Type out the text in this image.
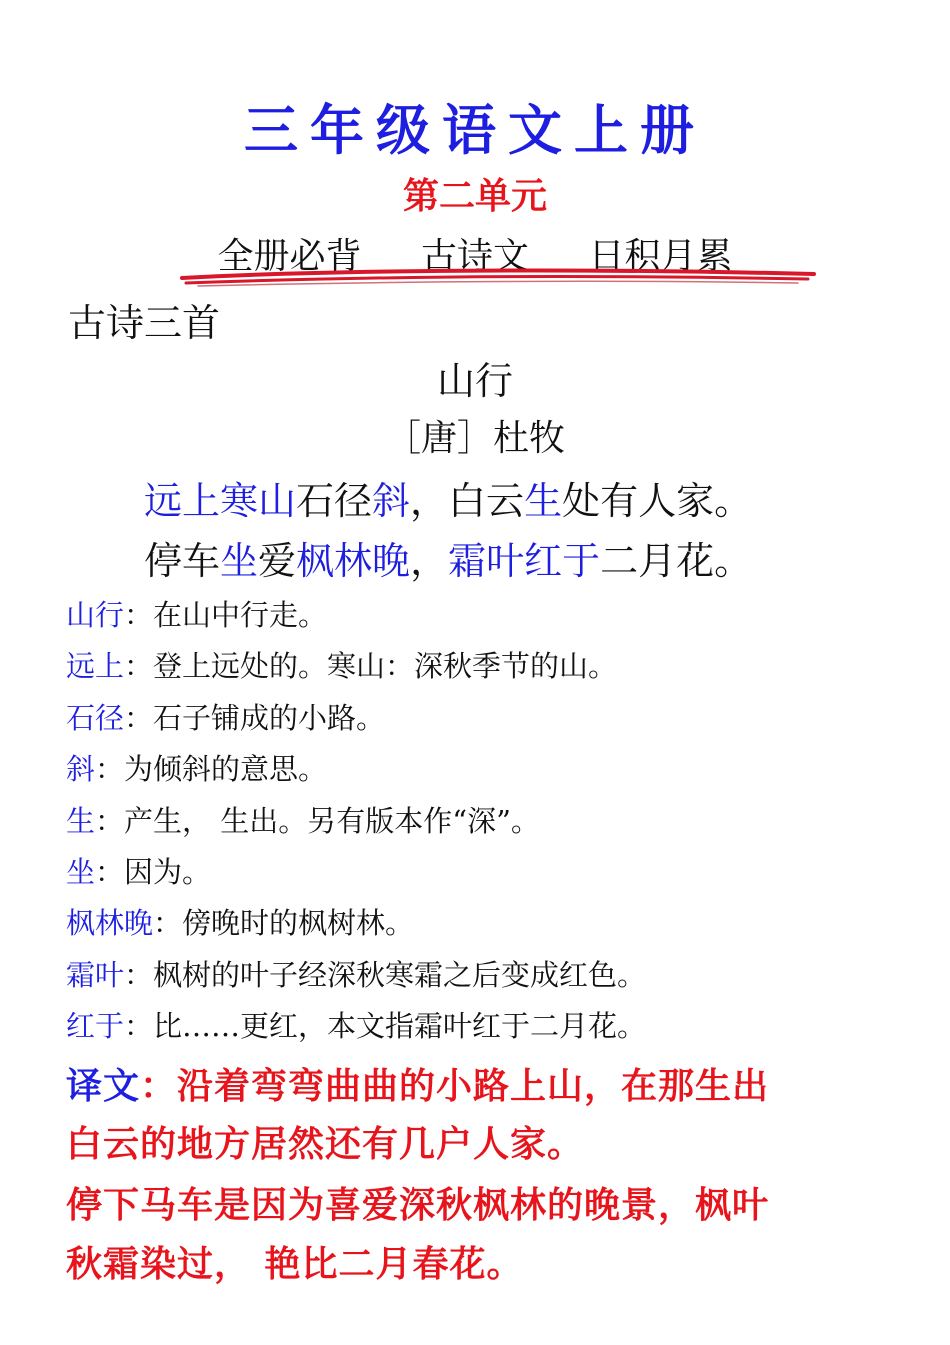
三年级语文上册
第二单元
全册必背 古诗文 日积月累
古诗三首
山行
［唐］杜牧
远上寒山石径斜，白云生处有人家。
停车坐爱枫林晚，霜叶红于二月花。
山行：在山中行走。
远上：登上远处的。寒山：深秋季节的山。
石径：石子铺成的小路。
斜：为倾斜的意思。
生：产生， 生出。另有版本作“深”。
坐：因为。
枫林晚：傍晚时的枫树林。
霜叶：枫树的叶子经深秋寒霜之后变成红色。
红于：比……更红，本文指霜叶红于二月花。
译文：沿着弯弯曲曲的小路上山，在那生出
白云的地方居然还有几户人家。
停下马车是因为喜爱深秋枫林的晚景，枫叶
秋霜染过， 艳比二月春花。
